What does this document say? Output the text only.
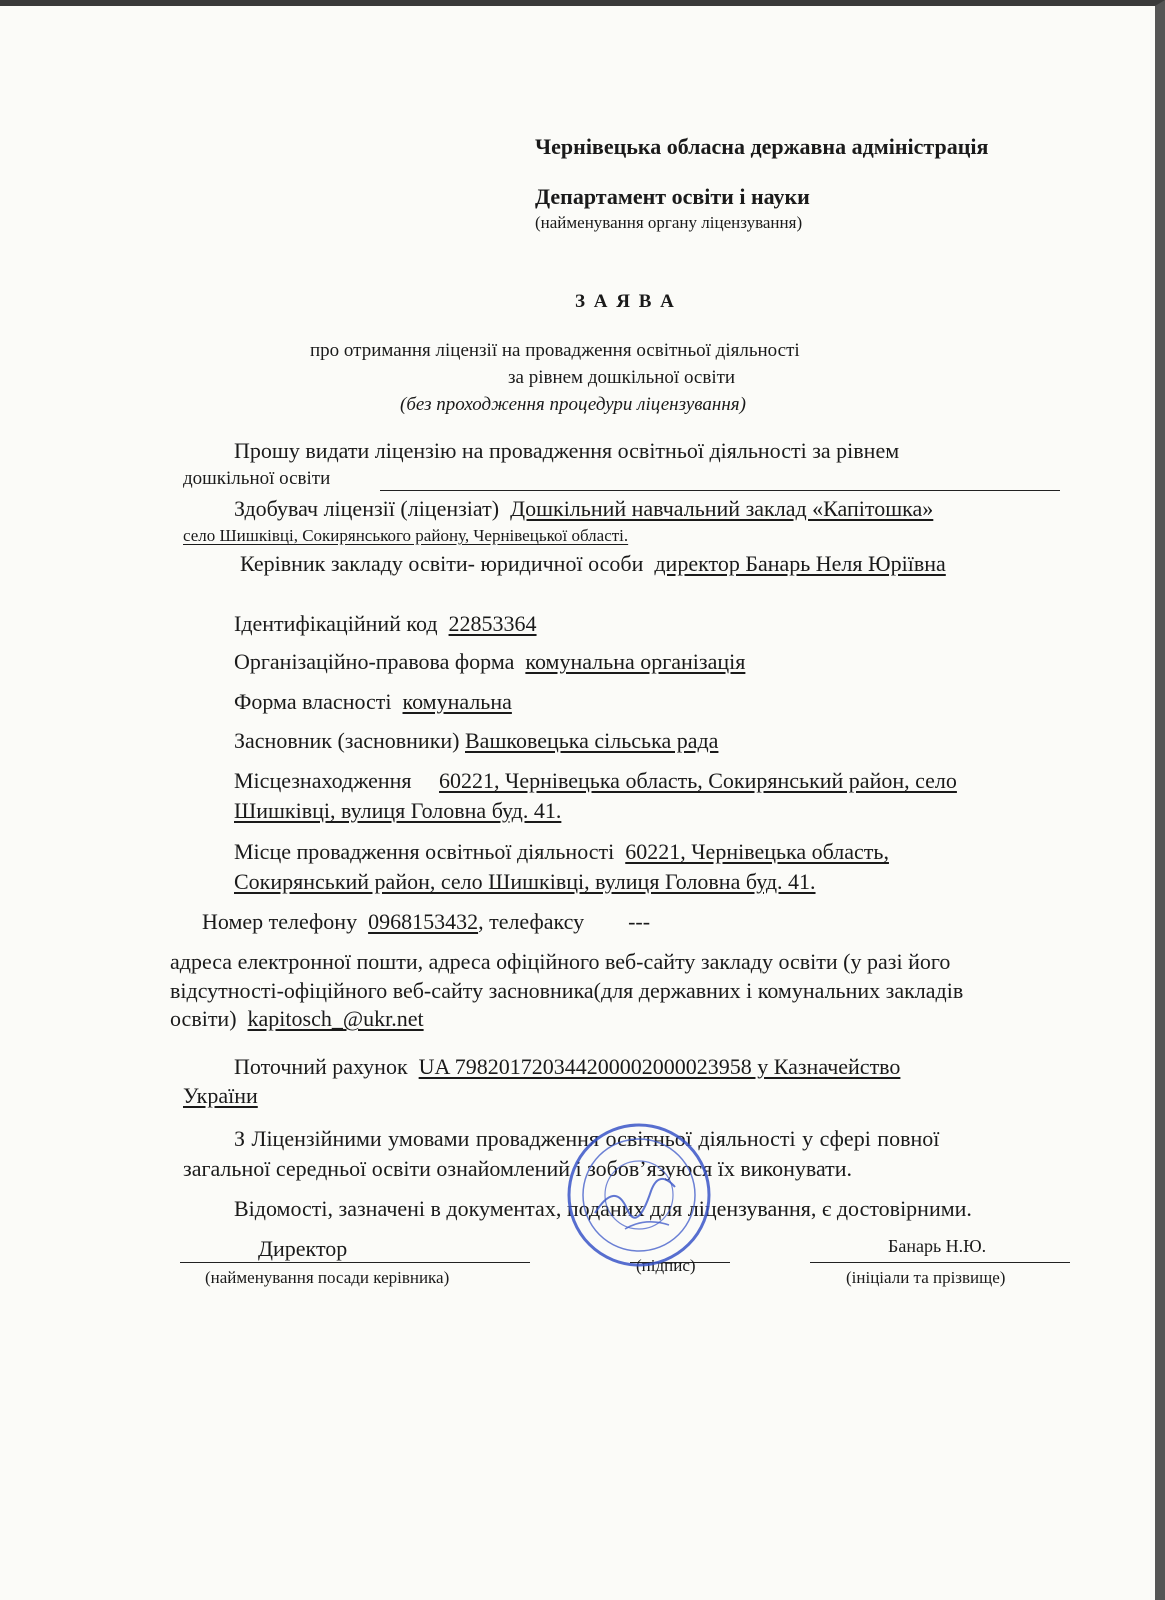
Чернівецька обласна державна адміністрація
Департамент освіти і науки
(найменування органу ліцензування)
З А Я В А
про отримання ліцензії на провадження освітньої діяльності
за рівнем дошкільної освіти
(без проходження процедури ліцензування)
Прошу видати ліцензію на провадження освітньої діяльності за рівнем
дошкільної освіти
Здобувач ліцензії (ліцензіат) Дошкільний навчальний заклад «Капітошка»
село Шишківці, Сокирянського району, Чернівецької області.
Керівник закладу освіти- юридичної особи директор Банарь Неля Юріївна
Ідентифікаційний код 22853364
Організаційно-правова форма комунальна організація
Форма власності комунальна
Засновник (засновники) Вашковецька сільська рада
Місцезнаходження 60221, Чернівецька область, Сокирянський район, село
Шишківці, вулиця Головна буд. 41.
Місце провадження освітньої діяльності 60221, Чернівецька область,
Сокирянський район, село Шишківці, вулиця Головна буд. 41.
Номер телефону 0968153432, телефаксу ---
адреса електронної пошти, адреса офіційного веб-сайту закладу освіти (у разі його
відсутності-офіційного веб-сайту засновника(для державних і комунальних закладів
освіти) kapitosch_@ukr.net
Поточний рахунок UA 798201720344200002000023958 у Казначейство
України
З Ліцензійними умовами провадження освітньої діяльності у сфері повної
загальної середньої освіти ознайомлений і зобов’язуюся їх виконувати.
Відомості, зазначені в документах, поданих для ліцензування, є достовірними.
Директор
(найменування посади керівника)
(підпис)
Банарь Н.Ю.
(ініціали та прізвище)
